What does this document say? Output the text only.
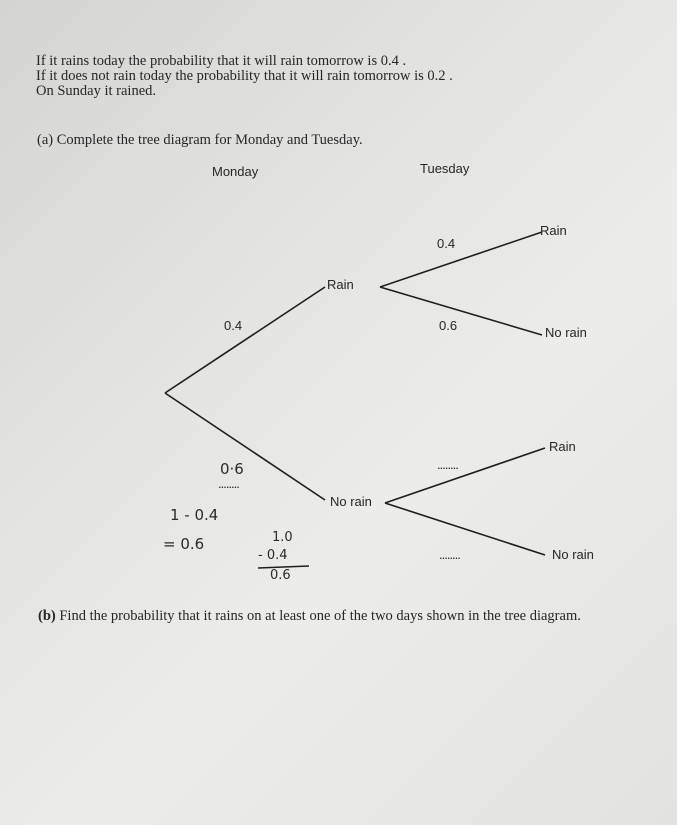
If it rains today the probability that it will rain tomorrow is 0.4 .
If it does not rain today the probability that it will rain tomorrow is 0.2 .
On Sunday it rained.
(a) Complete the tree diagram for Monday and Tuesday.
Monday	Tuesday
0.4
Rain
No rain
0.4
0.6
Rain
No rain
........
........
Rain
No rain
0·6
........
1 - 0.4
= 0.6	1.0
- 0.4
0.6
(b) Find the probability that it rains on at least one of the two days shown in the tree diagram.
